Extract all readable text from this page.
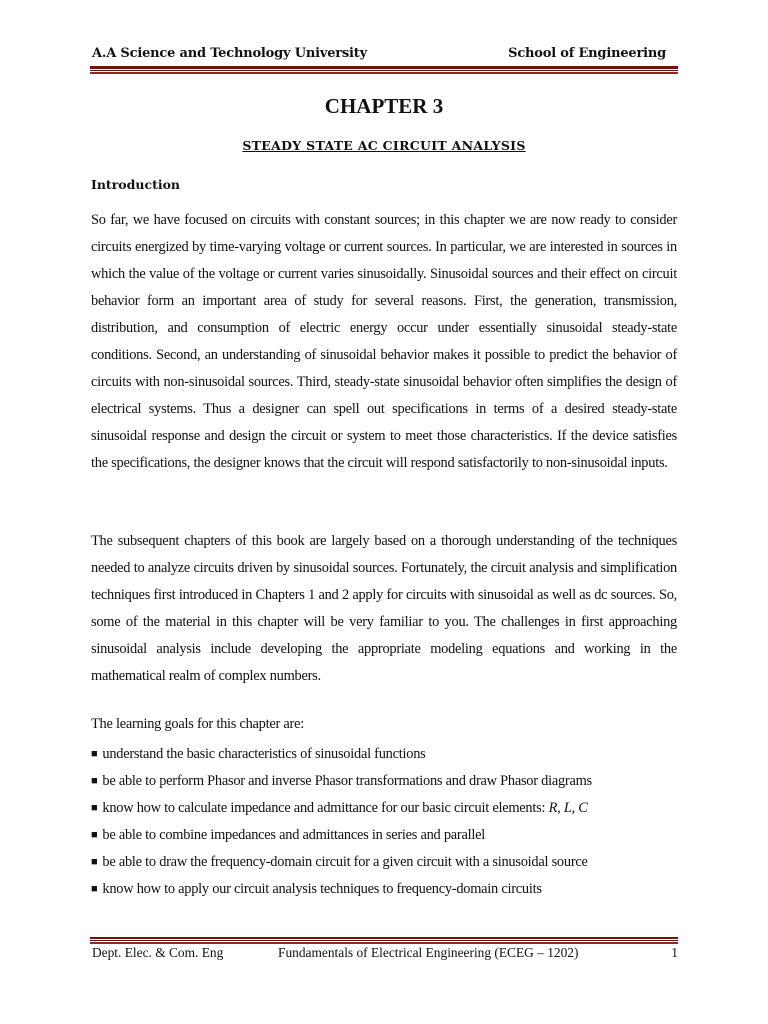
A.A Science and Technology University	School of Engineering
CHAPTER 3
STEADY STATE AC CIRCUIT ANALYSIS
Introduction

So far, we have focused on circuits with constant sources; in this chapter we are now ready to consider circuits energized by time-varying voltage or current sources. In particular, we are interested in sources in which the value of the voltage or current varies sinusoidally. Sinusoidal sources and their effect on circuit behavior form an important area of study for several reasons. First, the generation, transmission, distribution, and consumption of electric energy occur under essentially sinusoidal steady-state conditions. Second, an understanding of sinusoidal behavior makes it possible to predict the behavior of circuits with non-sinusoidal sources. Third, steady-state sinusoidal behavior often simplifies the design of electrical systems. Thus a designer can spell out specifications in terms of a desired steady-state sinusoidal response and design the circuit or system to meet those characteristics. If the device satisfies the specifications, the designer knows that the circuit will respond satisfactorily to non-sinusoidal inputs.

The subsequent chapters of this book are largely based on a thorough understanding of the techniques needed to analyze circuits driven by sinusoidal sources. Fortunately, the circuit analysis and simplification techniques first introduced in Chapters 1 and 2 apply for circuits with sinusoidal as well as dc sources. So, some of the material in this chapter will be very familiar to you. The challenges in first approaching sinusoidal analysis include developing the appropriate modeling equations and working in the mathematical realm of complex numbers.

The learning goals for this chapter are:
■ understand the basic characteristics of sinusoidal functions
■ be able to perform Phasor and inverse Phasor transformations and draw Phasor diagrams
■ know how to calculate impedance and admittance for our basic circuit elements: R, L, C
■ be able to combine impedances and admittances in series and parallel
■ be able to draw the frequency-domain circuit for a given circuit with a sinusoidal source
■ know how to apply our circuit analysis techniques to frequency-domain circuits
Dept. Elec. & Com. Eng	Fundamentals of Electrical Engineering (ECEG – 1202)	1
